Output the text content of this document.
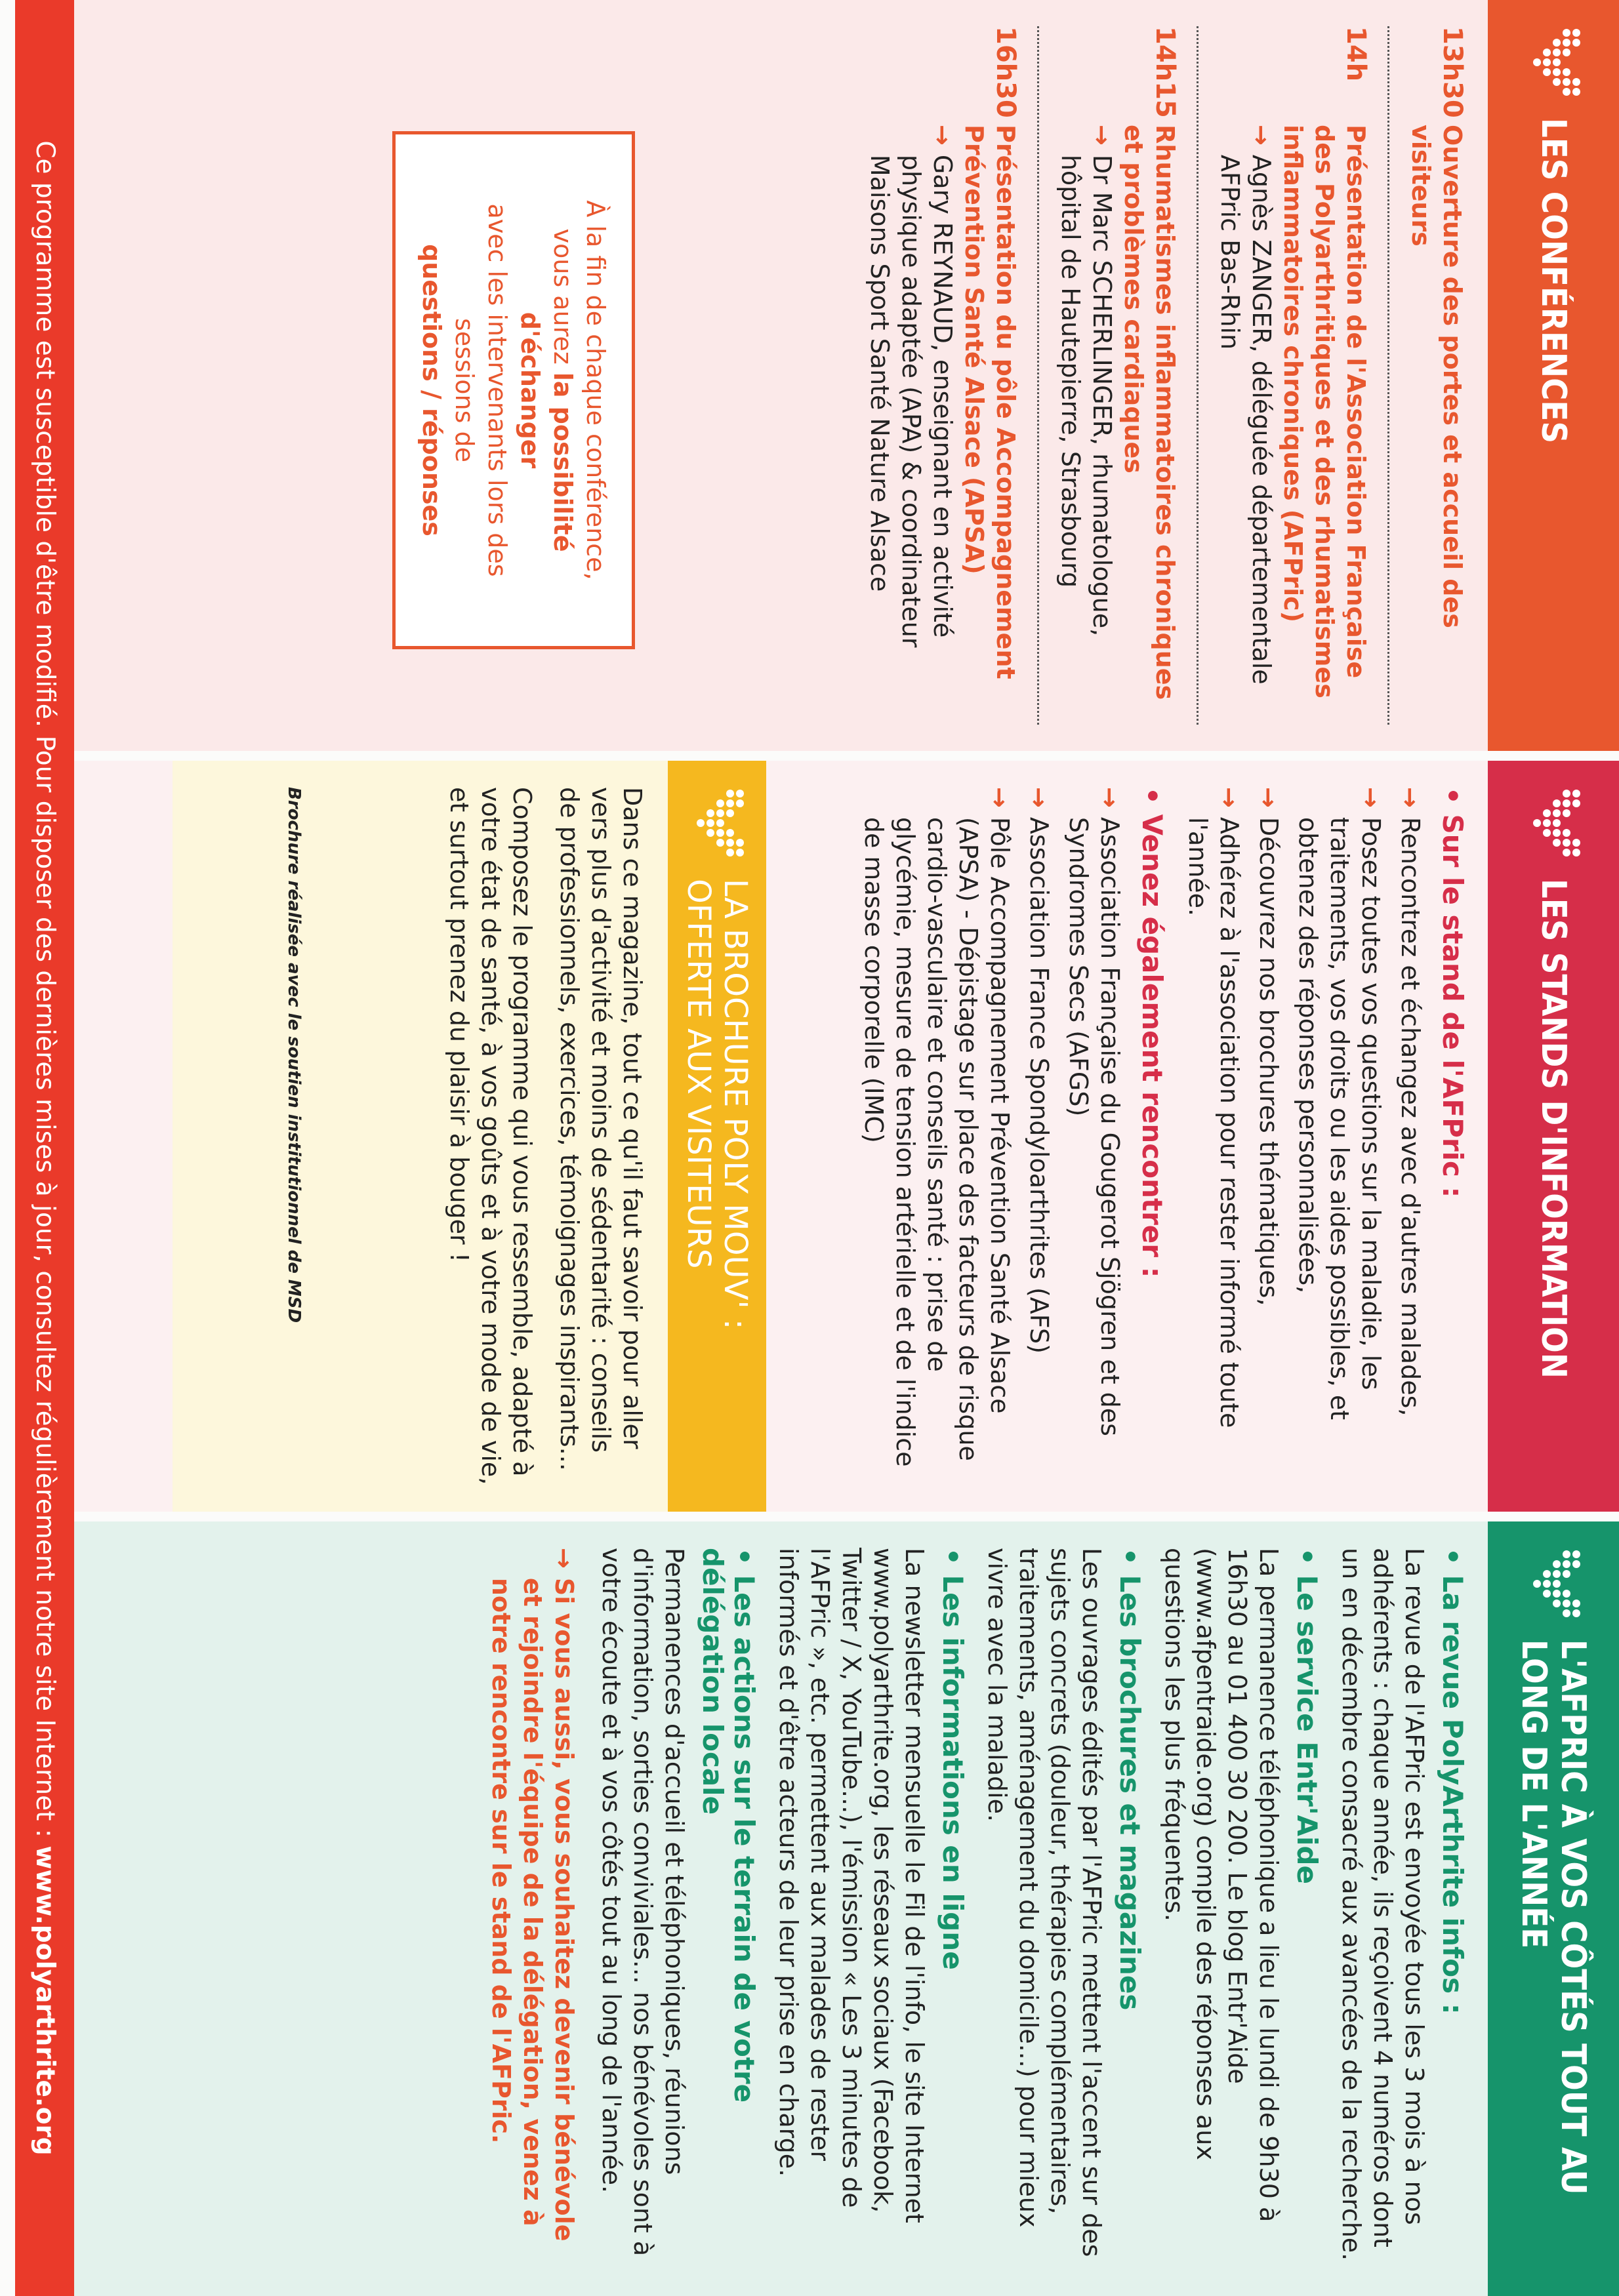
LES CONFÉRENCES
13h30
Ouverture des portes et accueil des visiteurs
14h
Présentation de l'Association Française des Polyarthritiques et des rhumatismes inflammatoires chroniques (AFPric)
→
Agnès ZANGER, déléguée départementale AFPric Bas-Rhin
14h15
Rhumatismes inflammatoires chroniques et problèmes cardiaques
→
Dr Marc SCHERLINGER, rhumatologue, hôpital de Hautepierre, Strasbourg
16h30
Présentation du pôle Accompagnement Prévention Santé Alsace (APSA)
→
Gary REYNAUD, enseignant en activité physique adaptée (APA) & coordinateur Maisons Sport Santé Nature Alsace
À la fin de chaque conférence,
vous aurez la possibilité d'échanger
avec les intervenants lors des sessions de
questions / réponses
LES STANDS D'INFORMATION
• Sur le stand de l'AFPric :
→
Rencontrez et échangez avec d'autres malades,
→
Posez toutes vos questions sur la maladie, les traitements, vos droits ou les aides possibles, et obtenez des réponses personnalisées,
→
Découvrez nos brochures thématiques,
→
Adhérez à l'association pour rester informé toute l'année.
• Venez également rencontrer :
→
Association Française du Gougerot Sjögren et des Syndromes Secs (AFGS)
→
Association France Spondyloarthrites (AFS)
→
Pôle Accompagnement Prévention Santé Alsace (APSA) - Dépistage sur place des facteurs de risque cardio-vasculaire et conseils santé : prise de glycémie, mesure de tension artérielle et de l'indice de masse corporelle (IMC)
LA BROCHURE POLY MOUV' :
OFFERTE AUX VISITEURS

Dans ce magazine, tout ce qu'il faut savoir pour aller vers plus d'activité et moins de sédentarité : conseils de professionnels, exercices, témoignages inspirants...

Composez le programme qui vous ressemble, adapté à votre état de santé, à vos goûts et à votre mode de vie, et surtout prenez du plaisir à bouger !

Brochure réalisée avec le soutien institutionnel de MSD
L'AFPRIC À VOS CÔTÉS TOUT AU
LONG DE L'ANNÉE
• La revue PolyArthrite infos :
La revue de l'AFPric est envoyée tous les 3 mois à nos adhérents : chaque année, ils reçoivent 4 numéros dont un en décembre consacré aux avancées de la recherche.
• Le service Entr'Aide
La permanence téléphonique a lieu le lundi de 9h30 à 16h30 au 01 400 30 200. Le blog Entr'Aide (www.afpentraide.org) compile des réponses aux questions les plus fréquentes.
• Les brochures et magazines
Les ouvrages édités par l'AFPric mettent l'accent sur des sujets concrets (douleur, thérapies complémentaires, traitements, aménagement du domicile...) pour mieux vivre avec la maladie.
• Les informations en ligne
La newsletter mensuelle le Fil de l'info, le site Internet www.polyarthrite.org, les réseaux sociaux (Facebook, Twitter / X, YouTube...), l'émission « Les 3 minutes de l'AFPric », etc. permettent aux malades de rester informés et d'être acteurs de leur prise en charge.
• Les actions sur le terrain de votre délégation locale
Permanences d'accueil et téléphoniques, réunions d'information, sorties conviviales... nos bénévoles sont à votre écoute et à vos côtés tout au long de l'année.
→
Si vous aussi, vous souhaitez devenir bénévole et rejoindre l'équipe de la délégation, venez à notre rencontre sur le stand de l'AFPric.
Ce programme est susceptible d'être modifié. Pour disposer des dernières mises à jour, consultez régulièrement notre site Internet : www.polyarthrite.org
